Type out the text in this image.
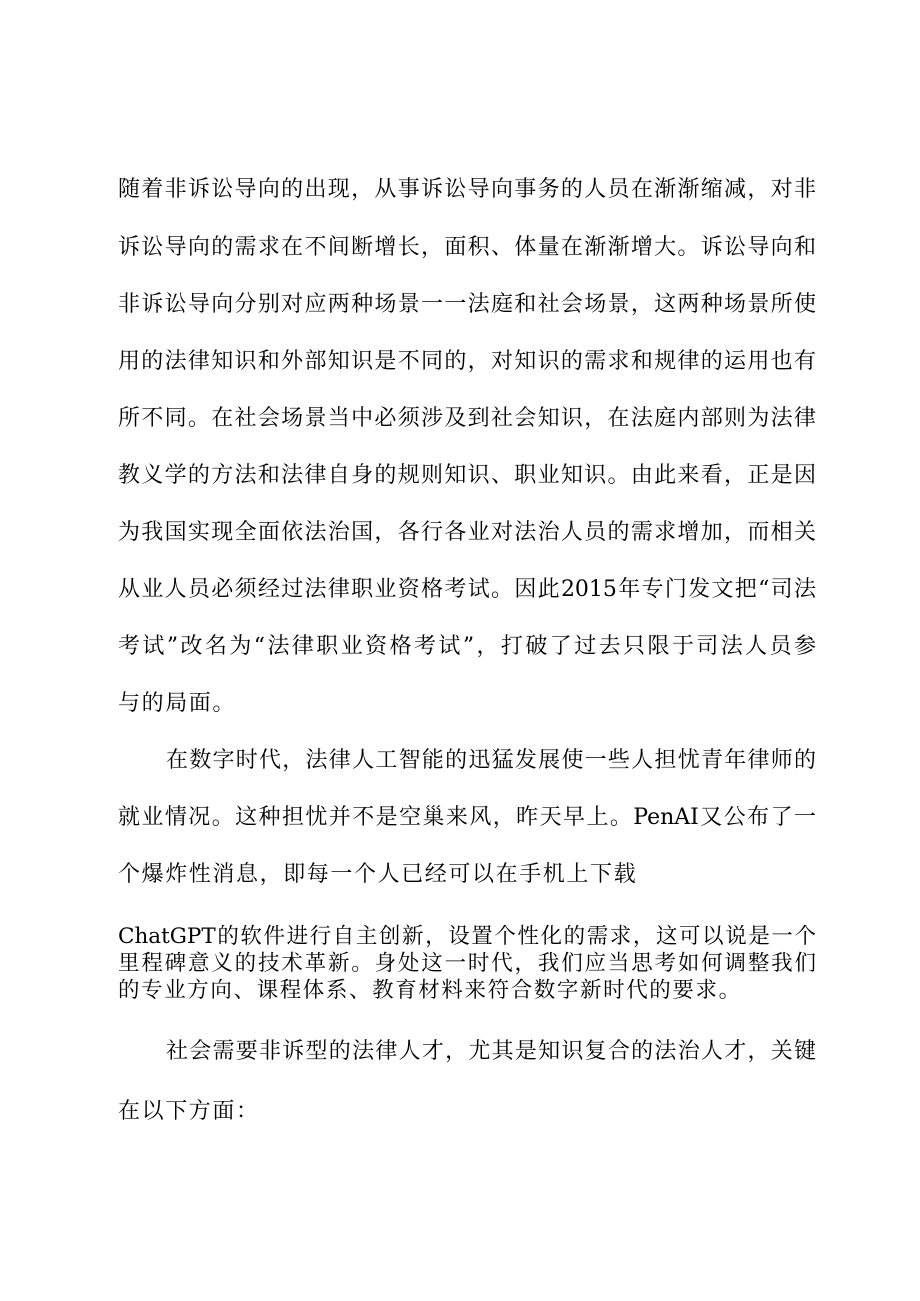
随着非诉讼导向的出现，从事诉讼导向事务的人员在渐渐缩减，对非
诉讼导向的需求在不间断增长，面积、体量在渐渐增大。诉讼导向和
非诉讼导向分别对应两种场景一一法庭和社会场景，这两种场景所使
用的法律知识和外部知识是不同的，对知识的需求和规律的运用也有
所不同。在社会场景当中必须涉及到社会知识，在法庭内部则为法律
教义学的方法和法律自身的规则知识、职业知识。由此来看，正是因
为我国实现全面依法治国，各行各业对法治人员的需求增加，而相关
从业人员必须经过法律职业资格考试。因此2015年专门发文把“司法
考试”改名为“法律职业资格考试”，打破了过去只限于司法人员参
与的局面。
在数字时代，法律人工智能的迅猛发展使一些人担忧青年律师的
就业情况。这种担忧并不是空巢来风，昨天早上。PenAI又公布了一
个爆炸性消息，即每一个人已经可以在手机上下载
ChatGPT的软件进行自主创新，设置个性化的需求，这可以说是一个
里程碑意义的技术革新。身处这一时代，我们应当思考如何调整我们
的专业方向、课程体系、教育材料来符合数字新时代的要求。
社会需要非诉型的法律人才，尤其是知识复合的法治人才，关键
在以下方面：
